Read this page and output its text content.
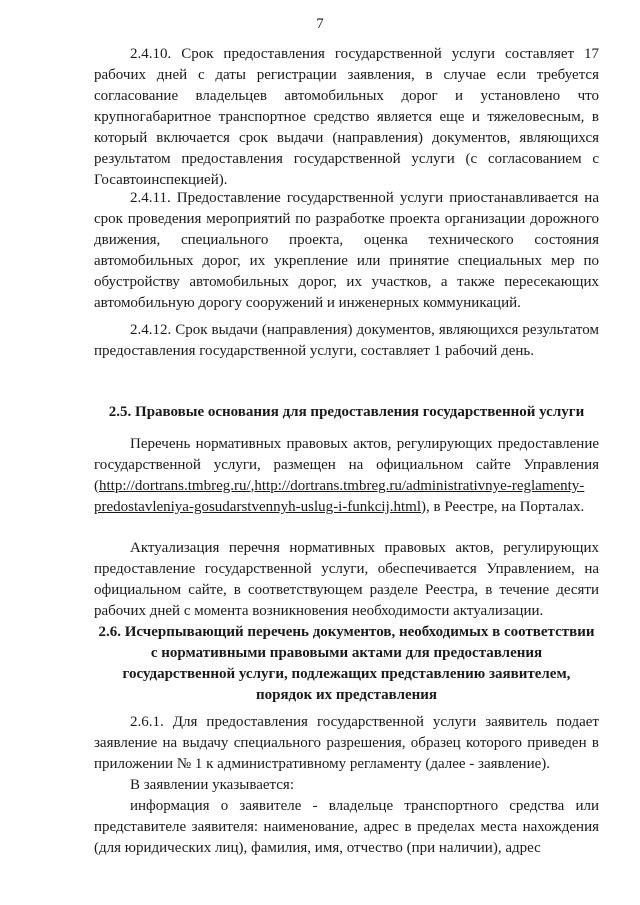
7

2.4.10. Срок предоставления государственной услуги составляет 17 рабочих дней с даты регистрации заявления, в случае если требуется согласование владельцев автомобильных дорог и установлено что крупногабаритное транспортное средство является еще и тяжеловесным, в который включается срок выдачи (направления) документов, являющихся результатом предоставления государственной услуги (с согласованием с Госавтоинспекцией).

2.4.11. Предоставление государственной услуги приостанавливается на срок проведения мероприятий по разработке проекта организации дорожного движения, специального проекта, оценка технического состояния автомобильных дорог, их укрепление или принятие специальных мер по обустройству автомобильных дорог, их участков, а также пересекающих автомобильную дорогу сооружений и инженерных коммуникаций.

2.4.12. Срок выдачи (направления) документов, являющихся результатом предоставления государственной услуги, составляет 1 рабочий день.

2.5. Правовые основания для предоставления государственной услуги

Перечень нормативных правовых актов, регулирующих предоставление государственной услуги, размещен на официальном сайте Управления (http://dortrans.tmbreg.ru/,http://dortrans.tmbreg.ru/administrativnye-reglamenty-predostavleniya-gosudarstvennyh-uslug-i-funkcij.html), в Реестре, на Порталах.

Актуализация перечня нормативных правовых актов, регулирующих предоставление государственной услуги, обеспечивается Управлением, на официальном сайте, в соответствующем разделе Реестра, в течение десяти рабочих дней с момента возникновения необходимости актуализации.

2.6. Исчерпывающий перечень документов, необходимых в соответствии с нормативными правовыми актами для предоставления государственной услуги, подлежащих представлению заявителем, порядок их представления

2.6.1. Для предоставления государственной услуги заявитель подает заявление на выдачу специального разрешения, образец которого приведен в приложении № 1 к административному регламенту (далее - заявление).

В заявлении указывается:

информация о заявителе - владельце транспортного средства или представителе заявителя: наименование, адрес в пределах места нахождения (для юридических лиц), фамилия, имя, отчество (при наличии), адрес
